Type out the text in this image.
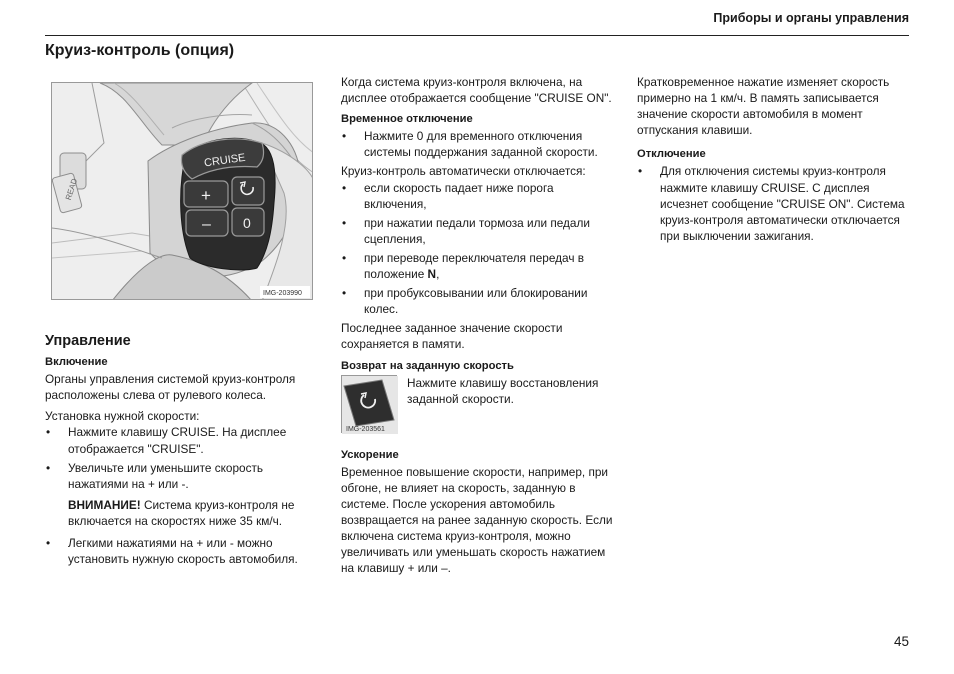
Приборы и органы управления
Круиз-контроль (опция)
READ
CRUISE
+
– 0
IMG-203990
Управление
Включение

Органы управления системой круиз-контроля расположены слева от рулевого колеса.

Установка нужной скорости:
• Нажмите клавишу CRUISE. На дисплее отображается "CRUISE".
• Увеличьте или уменьшите скорость нажатиями на + или -.
ВНИМАНИЕ! Система круиз-контроля не включается на скоростях ниже 35 км/ч.
• Легкими нажатиями на + или - можно установить нужную скорость автомобиля.

Когда система круиз-контроля включена, на дисплее отображается сообщение "CRUISE ON".

Временное отключение
• Нажмите 0 для временного отключения системы поддержания заданной скорости.
Круиз-контроль автоматически отключается:
• если скорость падает ниже порога включения,
• при нажатии педали тормоза или педали сцепления,
• при переводе переключателя передач в положение N,
• при пробуксовывании или блокировании колес.

Последнее заданное значение скорости сохраняется в памяти.

Возврат на заданную скорость
IMG-203561
Нажмите клавишу восстановления заданной скорости.
Ускорение

Временное повышение скорости, например, при обгоне, не влияет на скорость, заданную в системе. После ускорения автомобиль возвращается на ранее заданную скорость. Если включена система круиз-контроля, можно увеличивать или уменьшать скорость нажатием на клавишу + или –.

Кратковременное нажатие изменяет скорость примерно на 1 км/ч. В память записывается значение скорости автомобиля в момент отпускания клавиши.

Отключение
• Для отключения системы круиз-контроля нажмите клавишу CRUISE. С дисплея исчезнет сообщение "CRUISE ON". Система круиз-контроля автоматически отключается при выключении зажигания.
45
